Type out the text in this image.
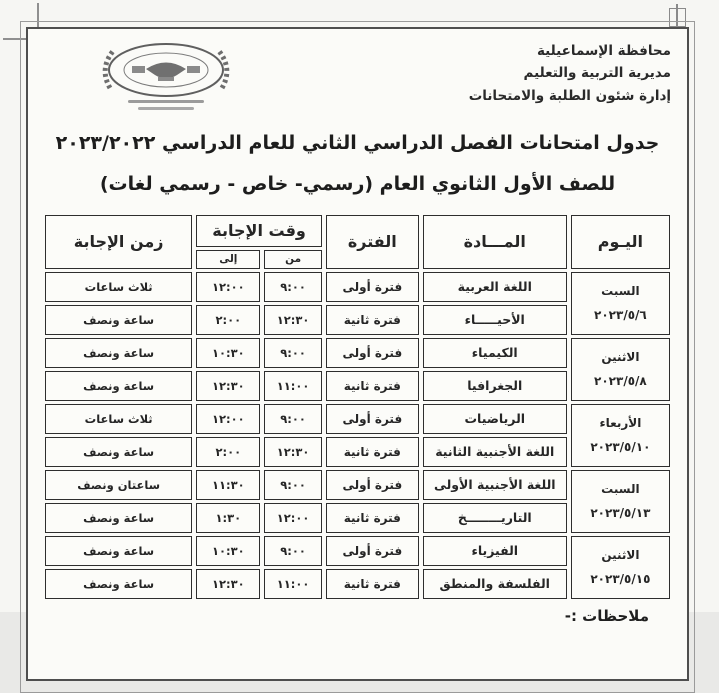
محافظة الإسماعيلية
مديرية التربية والتعليم
إدارة شئون الطلبة والامتحانات
جدول امتحانات الفصل الدراسي الثاني للعام الدراسي ٢٠٢٣/٢٠٢٢
للصف الأول الثانوي العام (رسمي- خاص - رسمي لغات)
اليـوم	المـــادة	الفترة	وقت الإجابة		زمن الإجابة
			من	إلى	

السبت
٢٠٢٣/٥/٦	اللغة العربية	فترة أولى	٩:٠٠	١٢:٠٠	ثلاث ساعات
	الأحيـــــاء	فترة ثانية	١٢:٣٠	٢:٠٠	ساعة ونصف

الاثنين
٢٠٢٣/٥/٨	الكيمياء	فترة أولى	٩:٠٠	١٠:٣٠	ساعة ونصف
	الجغرافيا	فترة ثانية	١١:٠٠	١٢:٣٠	ساعة ونصف

الأربعاء
٢٠٢٣/٥/١٠	الرياضيات	فترة أولى	٩:٠٠	١٢:٠٠	ثلاث ساعات
	اللغة الأجنبية الثانية	فترة ثانية	١٢:٣٠	٢:٠٠	ساعة ونصف

السبت
٢٠٢٣/٥/١٣	اللغة الأجنبية الأولى	فترة أولى	٩:٠٠	١١:٣٠	ساعتان ونصف
	التاريــــــــخ	فترة ثانية	١٢:٠٠	١:٣٠	ساعة ونصف

الاثنين
٢٠٢٣/٥/١٥	الفيزياء	فترة أولى	٩:٠٠	١٠:٣٠	ساعة ونصف
	الفلسفة والمنطق	فترة ثانية	١١:٠٠	١٢:٣٠	ساعة ونصف
ملاحظات :-
